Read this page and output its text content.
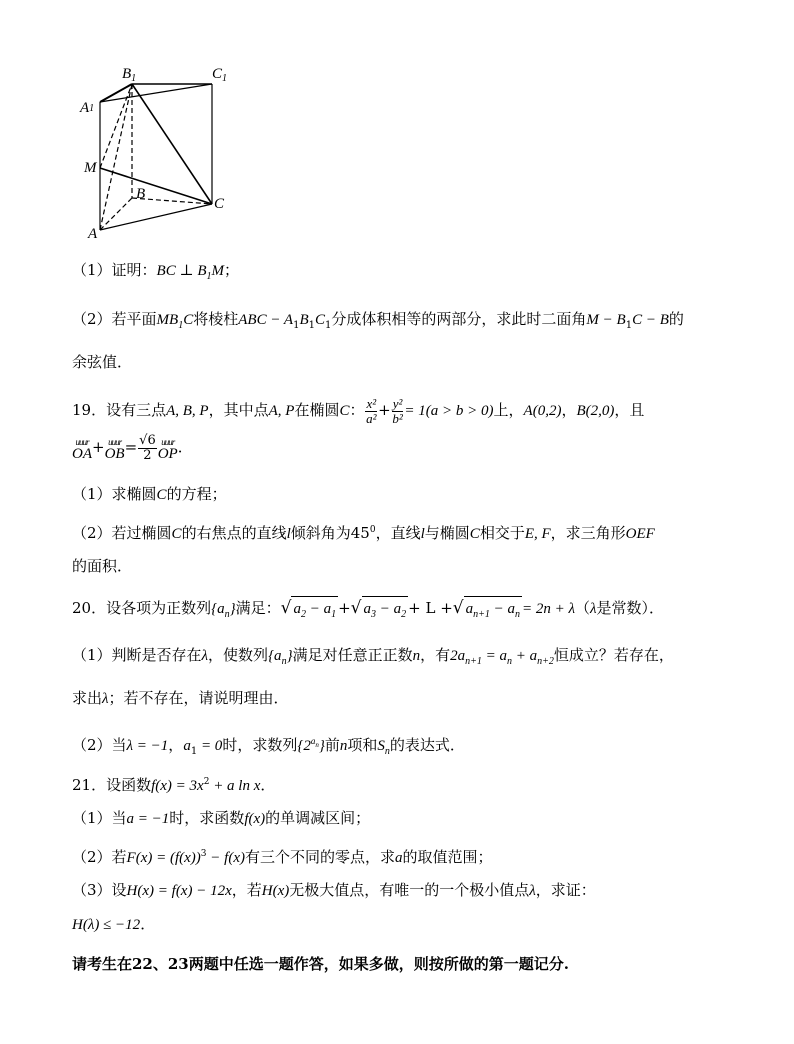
$B_1$	$C_1$
A1
M
B
C
A
（1）证明：BC ⊥ $B_1M$；
（2）若平面$MB_1C$将棱柱ABC − $A_1B_1C_1$分成体积相等的两部分，求此时二面角$M - B_1C - B$的
余弦值．
19．设有三点A, B, P，其中点A, P在椭圆C： $\frac{\text{x²}}{\text{a²}} + \frac{\text{y²}}{\text{b²}} = 1(a > b > 0)$上，A(0,2)，B(2,0)，且
uuur
OA+ uuur
$OB= \frac{√6}{2}$ uuur
OP．
（1）求椭圆C的方程；
（2）若过椭圆C的右焦点的直线l倾斜角为$45^0$，直线l与椭圆C相交于E, F，求三角形OEF
的面积．
20．设各项为正数列$\{a_n\}$满足：√ $a_2 - a_1$ +√ $a_3 - a_2 + L$ +√ $a_{n+1} - a_n = 2n + \lambda(\lambda$是常数）．
（1）判断是否存在λ，使数列$\{a_n\}$满足对任意正正数n，有$2a_{n+1} = a_n + a_{n+2}$恒成立？若存在，
求出λ；若不存在，请说明理由．
（2）当λ = −1，$a_1 = 0$时，求数列$\{2^{a_n}\}$前n项和$S_n$的表达式．
21．设函数$f(x) = 3x^2 + a$ ln x．
（1）当a = −1时，求函数f(x)的单调减区间；
（2）若$F(x) = (f(x))^3 - f(x)$有三个不同的零点，求a的取值范围；
（3）设H(x) = f(x) − 12x，若H(x)无极大值点，有唯一的一个极小值点λ，求证：
H(λ) ≤ −12．
请考生在22、23两题中任选一题作答，如果多做，则按所做的第一题记分.
